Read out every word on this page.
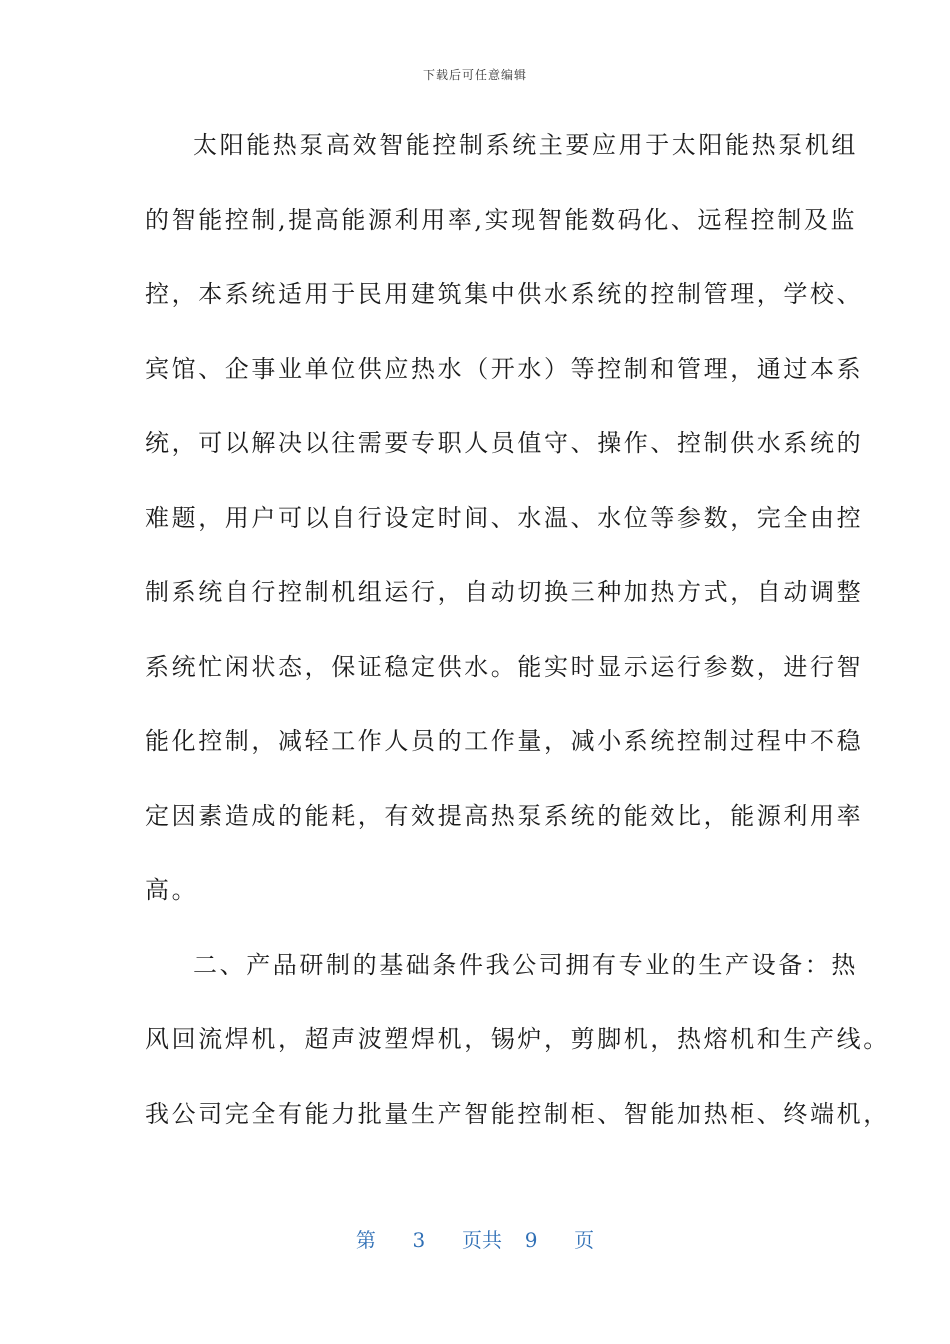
下载后可任意编辑
太阳能热泵高效智能控制系统主要应用于太阳能热泵机组
的智能控制,提高能源利用率,实现智能数码化、远程控制及监
控，本系统适用于民用建筑集中供水系统的控制管理，学校、
宾馆、企事业单位供应热水（开水）等控制和管理，通过本系
统，可以解决以往需要专职人员值守、操作、控制供水系统的
难题，用户可以自行设定时间、水温、水位等参数，完全由控
制系统自行控制机组运行，自动切换三种加热方式，自动调整
系统忙闲状态，保证稳定供水。能实时显示运行参数，进行智
能化控制，减轻工作人员的工作量，减小系统控制过程中不稳
定因素造成的能耗，有效提高热泵系统的能效比，能源利用率
高。
二、产品研制的基础条件我公司拥有专业的生产设备：热
风回流焊机，超声波塑焊机，锡炉，剪脚机，热熔机和生产线。
我公司完全有能力批量生产智能控制柜、智能加热柜、终端机，
第 3 页共 9 页
